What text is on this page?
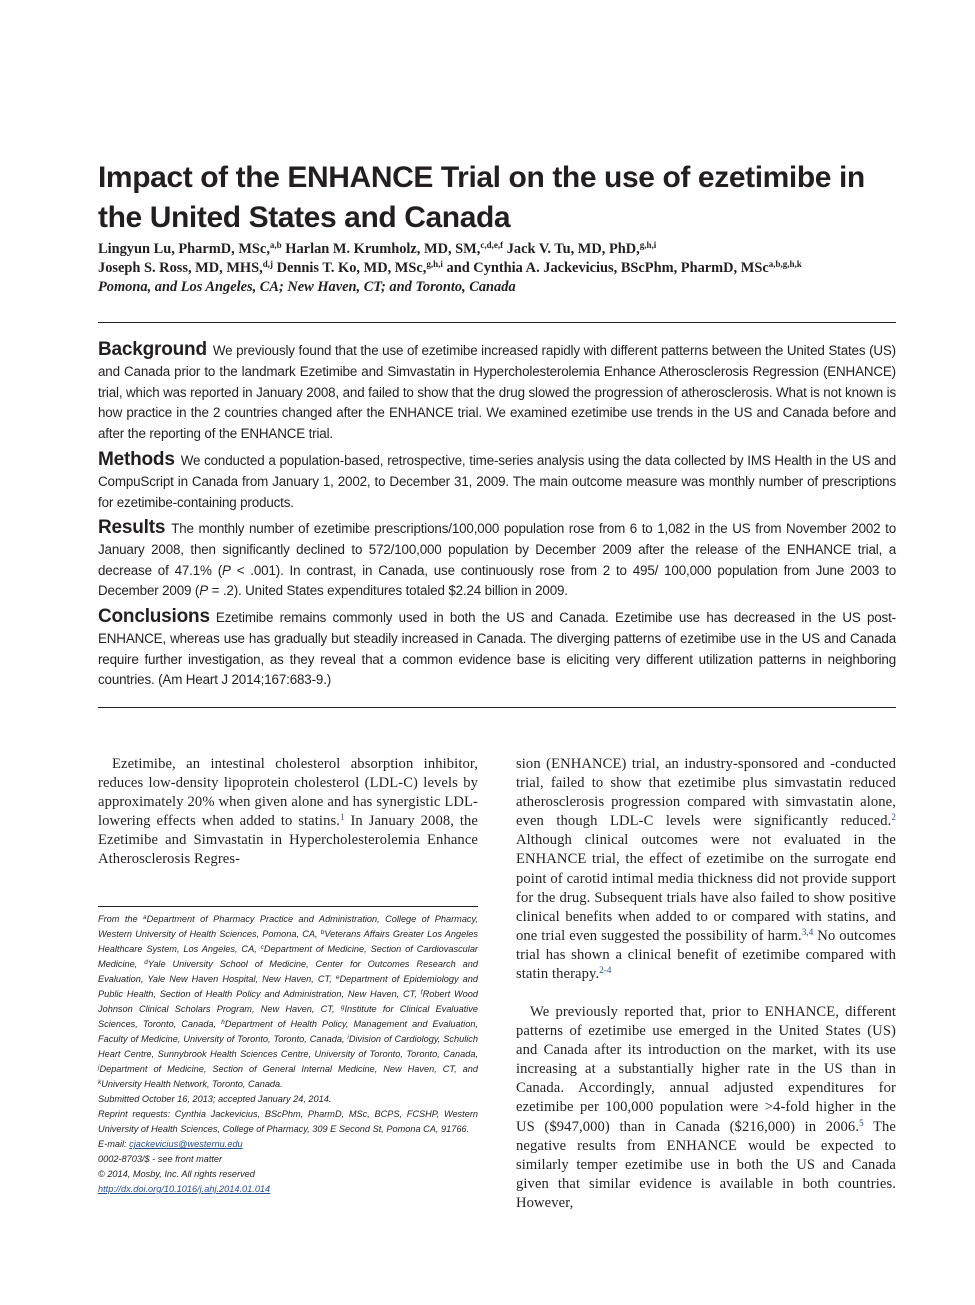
Impact of the ENHANCE Trial on the use of ezetimibe in the United States and Canada
Lingyun Lu, PharmD, MSc,$^{a,b}$ Harlan M. Krumholz, MD, SM,$^{c,d,e,f}$ Jack V. Tu, MD, PhD,$^{g,h,i}$
Joseph S. Ross, MD, MHS,$^{d,j}$ Dennis T. Ko, MD, MSc,$^{g,h,i}$ and Cynthia A. Jackevicius, BScPhm, PharmD, MSc$^{a,b,g,h,k}$
Pomona, and Los Angeles, CA; New Haven, CT; and Toronto, Canada

Background We previously found that the use of ezetimibe increased rapidly with different patterns between the United States (US) and Canada prior to the landmark Ezetimibe and Simvastatin in Hypercholesterolemia Enhance Atherosclerosis Regression (ENHANCE) trial, which was reported in January 2008, and failed to show that the drug slowed the progression of atherosclerosis. What is not known is how practice in the 2 countries changed after the ENHANCE trial. We examined ezetimibe use trends in the US and Canada before and after the reporting of the ENHANCE trial.

Methods We conducted a population-based, retrospective, time-series analysis using the data collected by IMS Health in the US and CompuScript in Canada from January 1, 2002, to December 31, 2009. The main outcome measure was monthly number of prescriptions for ezetimibe-containing products.

Results The monthly number of ezetimibe prescriptions/100,000 population rose from 6 to 1,082 in the US from November 2002 to January 2008, then significantly declined to 572/100,000 population by December 2009 after the release of the ENHANCE trial, a decrease of 47.1% (P < .001). In contrast, in Canada, use continuously rose from 2 to 495/ 100,000 population from June 2003 to December 2009 (P = .2). United States expenditures totaled $2.24 billion in 2009.

Conclusions Ezetimibe remains commonly used in both the US and Canada. Ezetimibe use has decreased in the US post-ENHANCE, whereas use has gradually but steadily increased in Canada. The diverging patterns of ezetimibe use in the US and Canada require further investigation, as they reveal that a common evidence base is eliciting very different utilization patterns in neighboring countries. (Am Heart J 2014;167:683-9.)

Ezetimibe, an intestinal cholesterol absorption inhibitor, reduces low-density lipoprotein cholesterol (LDL-C) levels by approximately 20% when given alone and has synergistic LDL-lowering effects when added to statins.$^1$ In January 2008, the Ezetimibe and Simvastatin in Hypercholesterolemia Enhance Atherosclerosis Regres-

From the $^a$Department of Pharmacy Practice and Administration, College of Pharmacy, Western University of Health Sciences, Pomona, CA, $^b$Veterans Affairs Greater Los Angeles Healthcare System, Los Angeles, CA, $^c$Department of Medicine, Section of Cardiovascular Medicine, $^d$Yale University School of Medicine, Center for Outcomes Research and Evaluation, Yale New Haven Hospital, New Haven, CT, $^e$Department of Epidemiology and Public Health, Section of Health Policy and Administration, New Haven, CT, $^f$Robert Wood Johnson Clinical Scholars Program, New Haven, CT, $^g$Institute for Clinical Evaluative Sciences, Toronto, Canada, $^h$Department of Health Policy, Management and Evaluation, Faculty of Medicine, University of Toronto, Toronto, Canada, $^i$Division of Cardiology, Schulich Heart Centre, Sunnybrook Health Sciences Centre, University of Toronto, Toronto, Canada, $^j$Department of Medicine, Section of General Internal Medicine, New Haven, CT, and $^k$University Health Network, Toronto, Canada.

Submitted October 16, 2013; accepted January 24, 2014.

Reprint requests: Cynthia Jackevicius, BScPhm, PharmD, MSc, BCPS, FCSHP, Western University of Health Sciences, College of Pharmacy, 309 E Second St, Pomona CA, 91766.

E-mail: cjackevicius@westernu.edu

0002-8703/$ - see front matter

© 2014, Mosby, Inc. All rights reserved

http://dx.doi.org/10.1016/j.ahj.2014.01.014

sion (ENHANCE) trial, an industry-sponsored and -conducted trial, failed to show that ezetimibe plus simvastatin reduced atherosclerosis progression compared with simvastatin alone, even though LDL-C levels were significantly reduced.$^2$ Although clinical outcomes were not evaluated in the ENHANCE trial, the effect of ezetimibe on the surrogate end point of carotid intimal media thickness did not provide support for the drug. Subsequent trials have also failed to show positive clinical benefits when added to or compared with statins, and one trial even suggested the possibility of harm.$^{3,4}$ No outcomes trial has shown a clinical benefit of ezetimibe compared with statin therapy.$^{2-4}$

We previously reported that, prior to ENHANCE, different patterns of ezetimibe use emerged in the United States (US) and Canada after its introduction on the market, with its use increasing at a substantially higher rate in the US than in Canada. Accordingly, annual adjusted expenditures for ezetimibe per 100,000 population were >4-fold higher in the US ($947,000) than in Canada ($216,000) in 2006.$^5$ The negative results from ENHANCE would be expected to similarly temper ezetimibe use in both the US and Canada given that similar evidence is available in both countries. However,
